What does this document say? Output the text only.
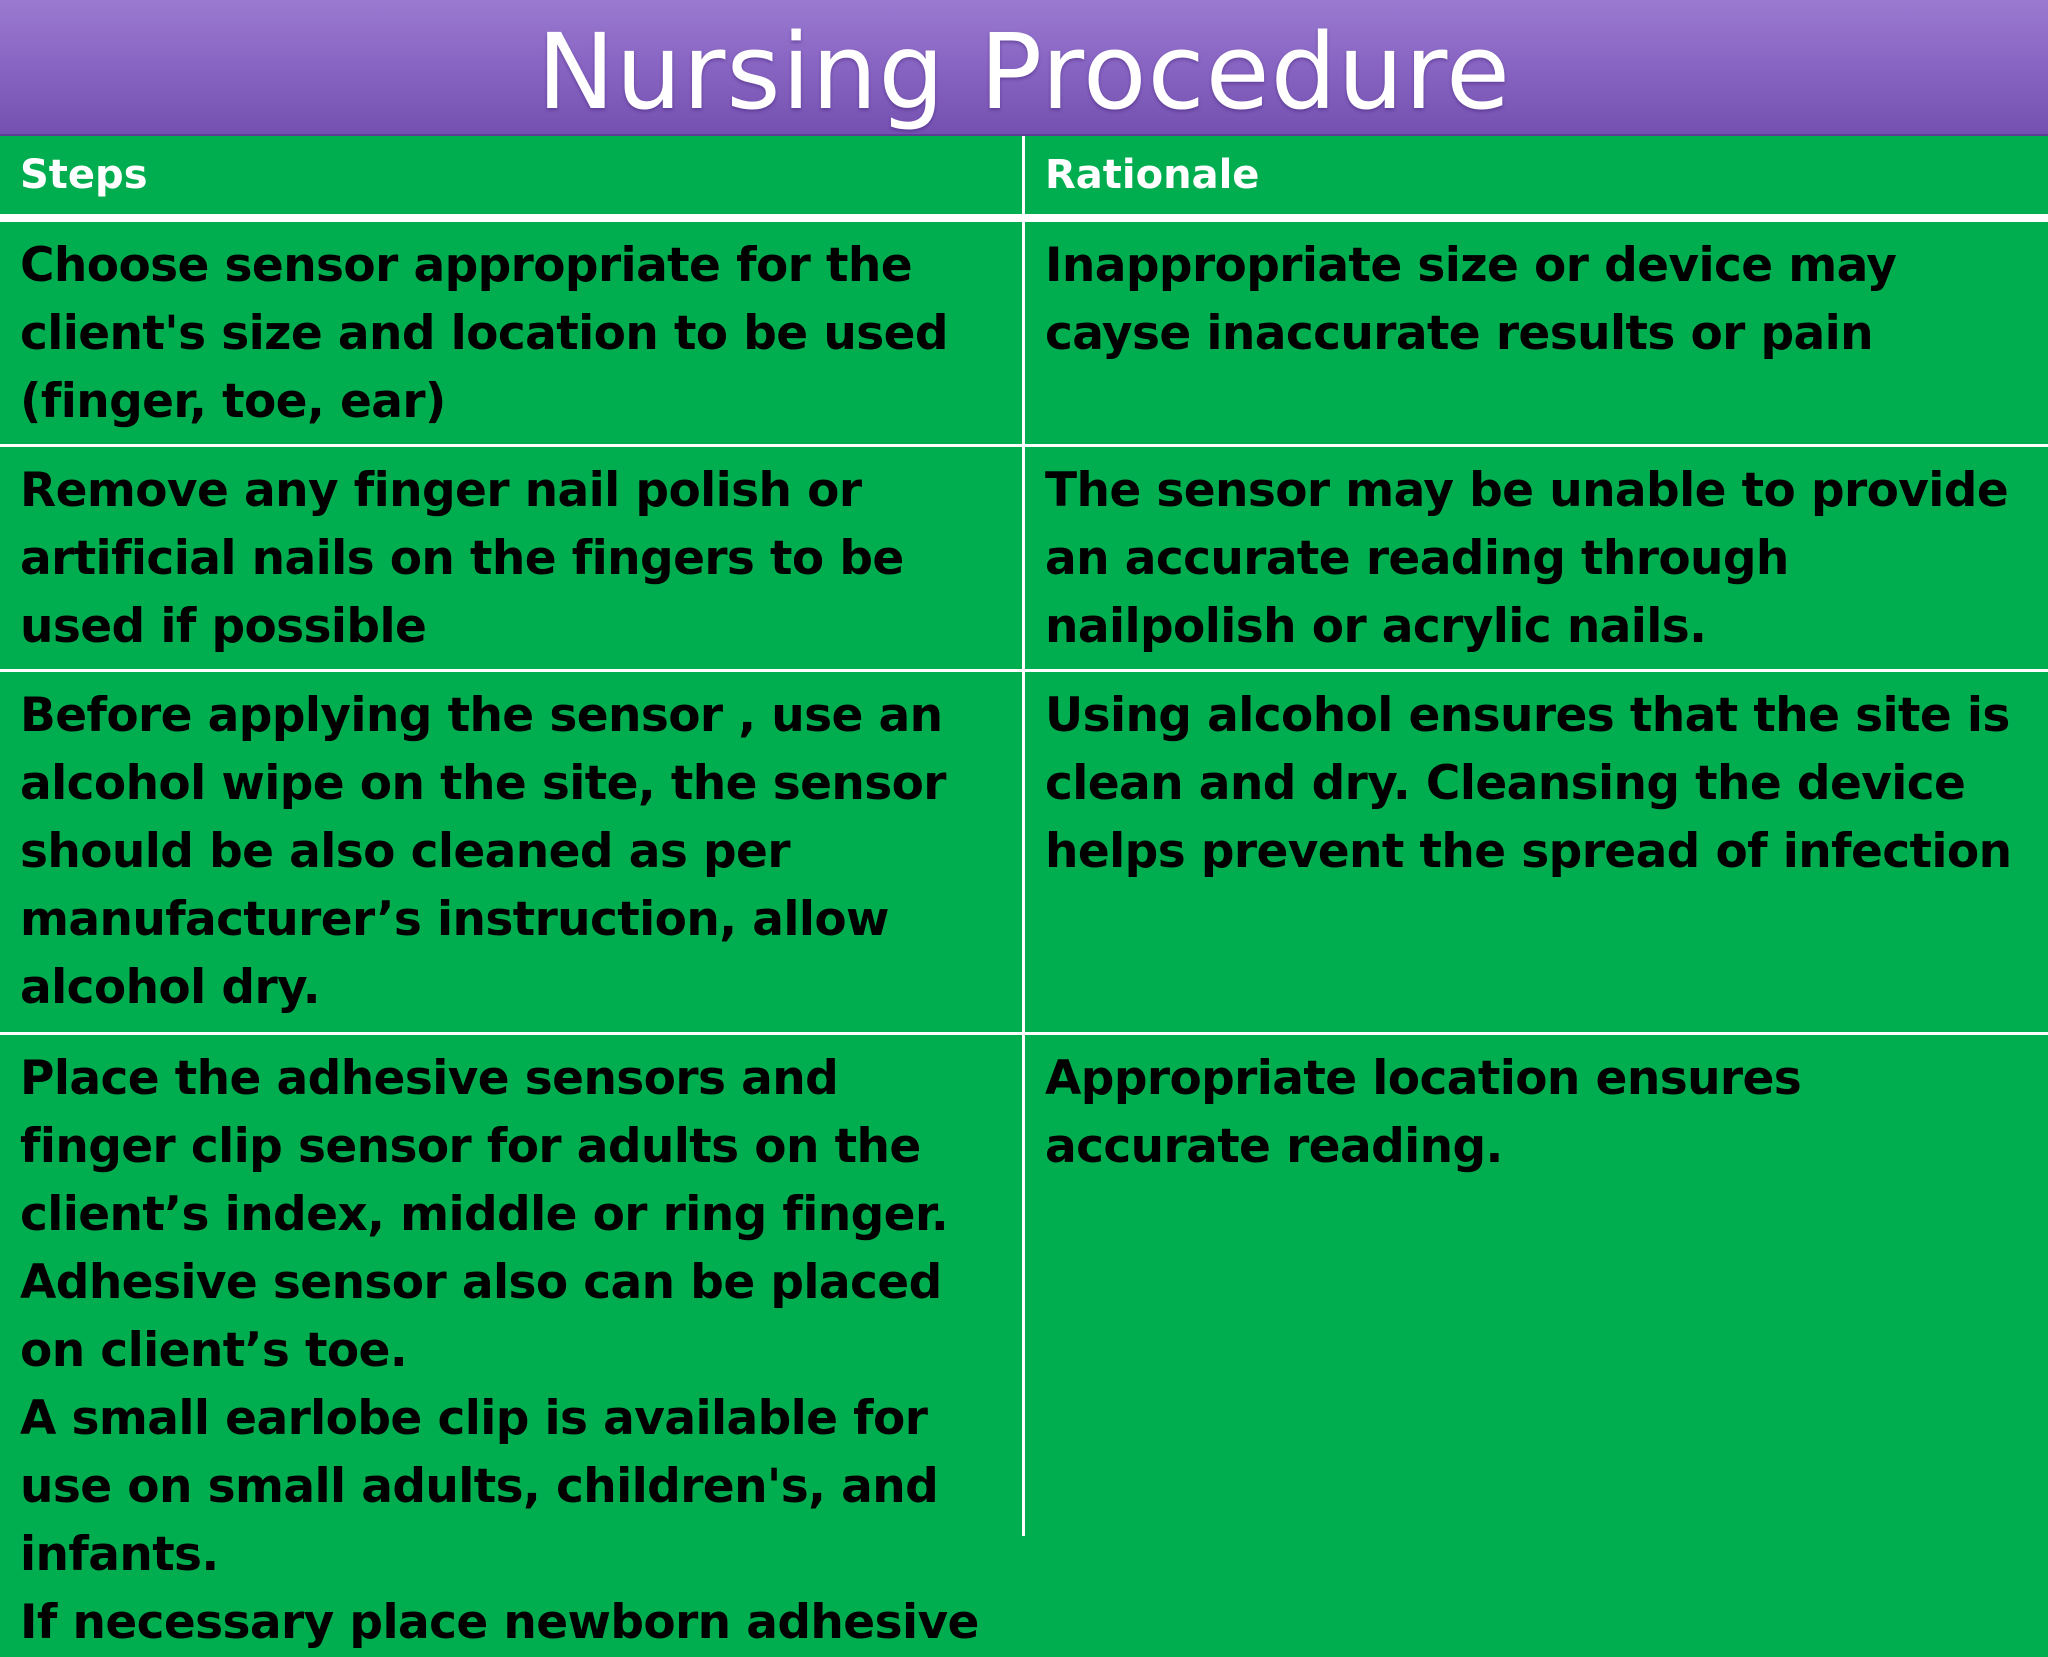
Nursing Procedure
Steps	Rationale
Choose sensor appropriate for the client's size and location to be used (finger, toe, ear)
Inappropriate size or device may cayse inaccurate results or pain
Remove any finger nail polish or artificial nails on the fingers to be used if possible
The sensor may be unable to provide an accurate reading through nailpolish or acrylic nails.
Before applying the sensor , use an alcohol wipe on the site, the sensor should be also cleaned as per manufacturer’s instruction, allow alcohol dry.
Using alcohol ensures that the site is clean and dry. Cleansing the device helps prevent the spread of infection
Place the adhesive sensors and finger clip sensor for adults on the client’s index, middle or ring finger. Adhesive sensor also can be placed on client’s toe.
A small earlobe clip is available for use on small adults, children's, and infants.
If necessary place newborn adhesive
Appropriate location ensures accurate reading.
